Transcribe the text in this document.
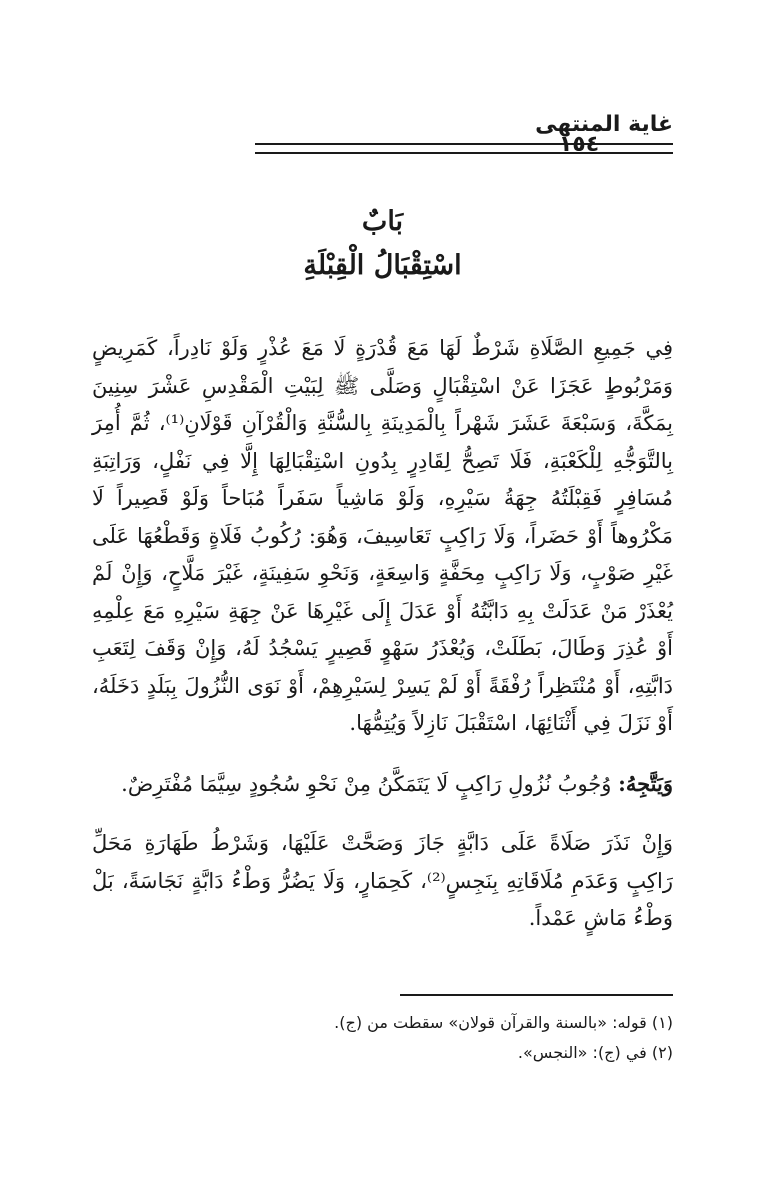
غاية المنتهى
١٥٤
بَابٌ
اسْتِقْبَالُ الْقِبْلَةِ

فِي جَمِيعِ الصَّلَاةِ شَرْطٌ لَهَا مَعَ قُدْرَةٍ لَا مَعَ عُذْرٍ وَلَوْ نَادِراً، كَمَرِيضٍ وَمَرْبُوطٍ عَجَزَا عَنْ اسْتِقْبَالٍ وَصَلَّى ﷺ لِبَيْتِ الْمَقْدِسِ عَشْرَ سِنِينَ بِمَكَّةَ، وَسَبْعَةَ عَشَرَ شَهْراً بِالْمَدِينَةِ بِالسُّنَّةِ وَالْقُرْآنِ قَوْلَانِ⁽¹⁾، ثُمَّ أُمِرَ بِالتَّوَجُّهِ لِلْكَعْبَةِ، فَلَا تَصِحُّ لِقَادِرٍ بِدُونِ اسْتِقْبَالِهَا إِلَّا فِي نَفْلٍ، وَرَاتِبَةِ مُسَافِرٍ فَقِبْلَتُهُ جِهَةُ سَيْرِهِ، وَلَوْ مَاشِياً سَفَراً مُبَاحاً وَلَوْ قَصِيراً لَا مَكْرُوهاً أَوْ حَضَراً، وَلَا رَاكِبٍ تَعَاسِيفَ، وَهُوَ: رُكُوبُ فَلَاةٍ وَقَطْعُهَا عَلَى غَيْرِ صَوْبٍ، وَلَا رَاكِبٍ مِحَفَّةٍ وَاسِعَةٍ، وَنَحْوِ سَفِينَةٍ، غَيْرَ مَلَّاحٍ، وَإِنْ لَمْ يُعْذَرْ مَنْ عَدَلَتْ بِهِ دَابَّتُهُ أَوْ عَدَلَ إِلَى غَيْرِهَا عَنْ جِهَةِ سَيْرِهِ مَعَ عِلْمِهِ أَوْ عُذِرَ وَطَالَ، بَطَلَتْ، وَيُعْذَرُ سَهْوٍ قَصِيرٍ يَسْجُدُ لَهُ، وَإِنْ وَقَفَ لِتَعَبِ دَابَّتِهِ، أَوْ مُنْتَظِراً رُفْقَةً أَوْ لَمْ يَسِرْ لِسَيْرِهِمْ، أَوْ نَوَى النُّزُولَ بِبَلَدٍ دَخَلَهُ، أَوْ نَزَلَ فِي أَثْنَائِهَا، اسْتَقْبَلَ نَازِلاً وَيُتِمُّهَا.

وَيَتَّجِهُ: وُجُوبُ نُزُولِ رَاكِبٍ لَا يَتَمَكَّنُ مِنْ نَحْوِ سُجُودٍ سِيَّمَا مُفْتَرِضٌ.

وَإِنْ نَذَرَ صَلَاةً عَلَى دَابَّةٍ جَازَ وَصَحَّتْ عَلَيْهَا، وَشَرْطُ طَهَارَةِ مَحَلِّ رَاكِبٍ وَعَدَمِ مُلَاقَاتِهِ بِنَجِسٍ⁽²⁾، كَحِمَارٍ، وَلَا يَضُرُّ وَطْءُ دَابَّةٍ نَجَاسَةً، بَلْ وَطْءُ مَاشٍ عَمْداً.

(١) قوله: «بالسنة والقرآن قولان» سقطت من (ج).
(٢) في (ج): «النجس».
